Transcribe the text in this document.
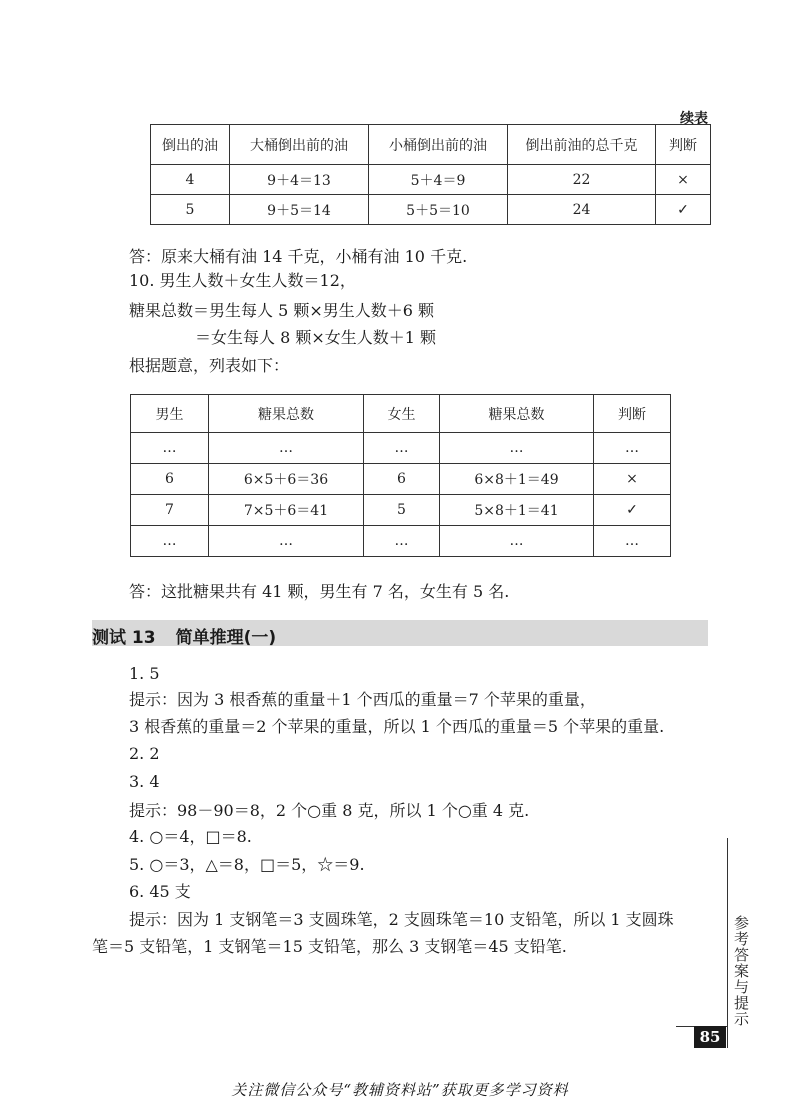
续表
倒出的油	大桶倒出前的油	小桶倒出前的油	倒出前油的总千克	判断
4	9＋4＝13	5＋4＝9	22	×
5	9＋5＝14	5＋5＝10	24	✓
答：原来大桶有油 14 千克，小桶有油 10 千克.
10. 男生人数＋女生人数＝12，
糖果总数＝男生每人 5 颗×男生人数＋6 颗
＝女生每人 8 颗×女生人数＋1 颗
根据题意，列表如下：
男生	糖果总数	女生	糖果总数	判断
…	…	…	…	…
6	6×5＋6＝36	6	6×8＋1＝49	×
7	7×5＋6＝41	5	5×8＋1＝41	✓
…	…	…	…	…
答：这批糖果共有 41 颗，男生有 7 名，女生有 5 名.
测试 13 简单推理(一)
1. 5
提示：因为 3 根香蕉的重量＋1 个西瓜的重量＝7 个苹果的重量，
3 根香蕉的重量＝2 个苹果的重量，所以 1 个西瓜的重量＝5 个苹果的重量.
2. 2
3. 4
提示：98－90＝8，2 个○重 8 克，所以 1 个○重 4 克.
4. ○＝4，□＝8.
5. ○＝3，△＝8，□＝5，☆＝9.
6. 45 支
提示：因为 1 支钢笔＝3 支圆珠笔，2 支圆珠笔＝10 支铅笔，所以 1 支圆珠
笔＝5 支铅笔，1 支钢笔＝15 支铅笔，那么 3 支钢笔＝45 支铅笔.	参考答案与提示
85
关注微信公众号“教辅资料站”获取更多学习资料
